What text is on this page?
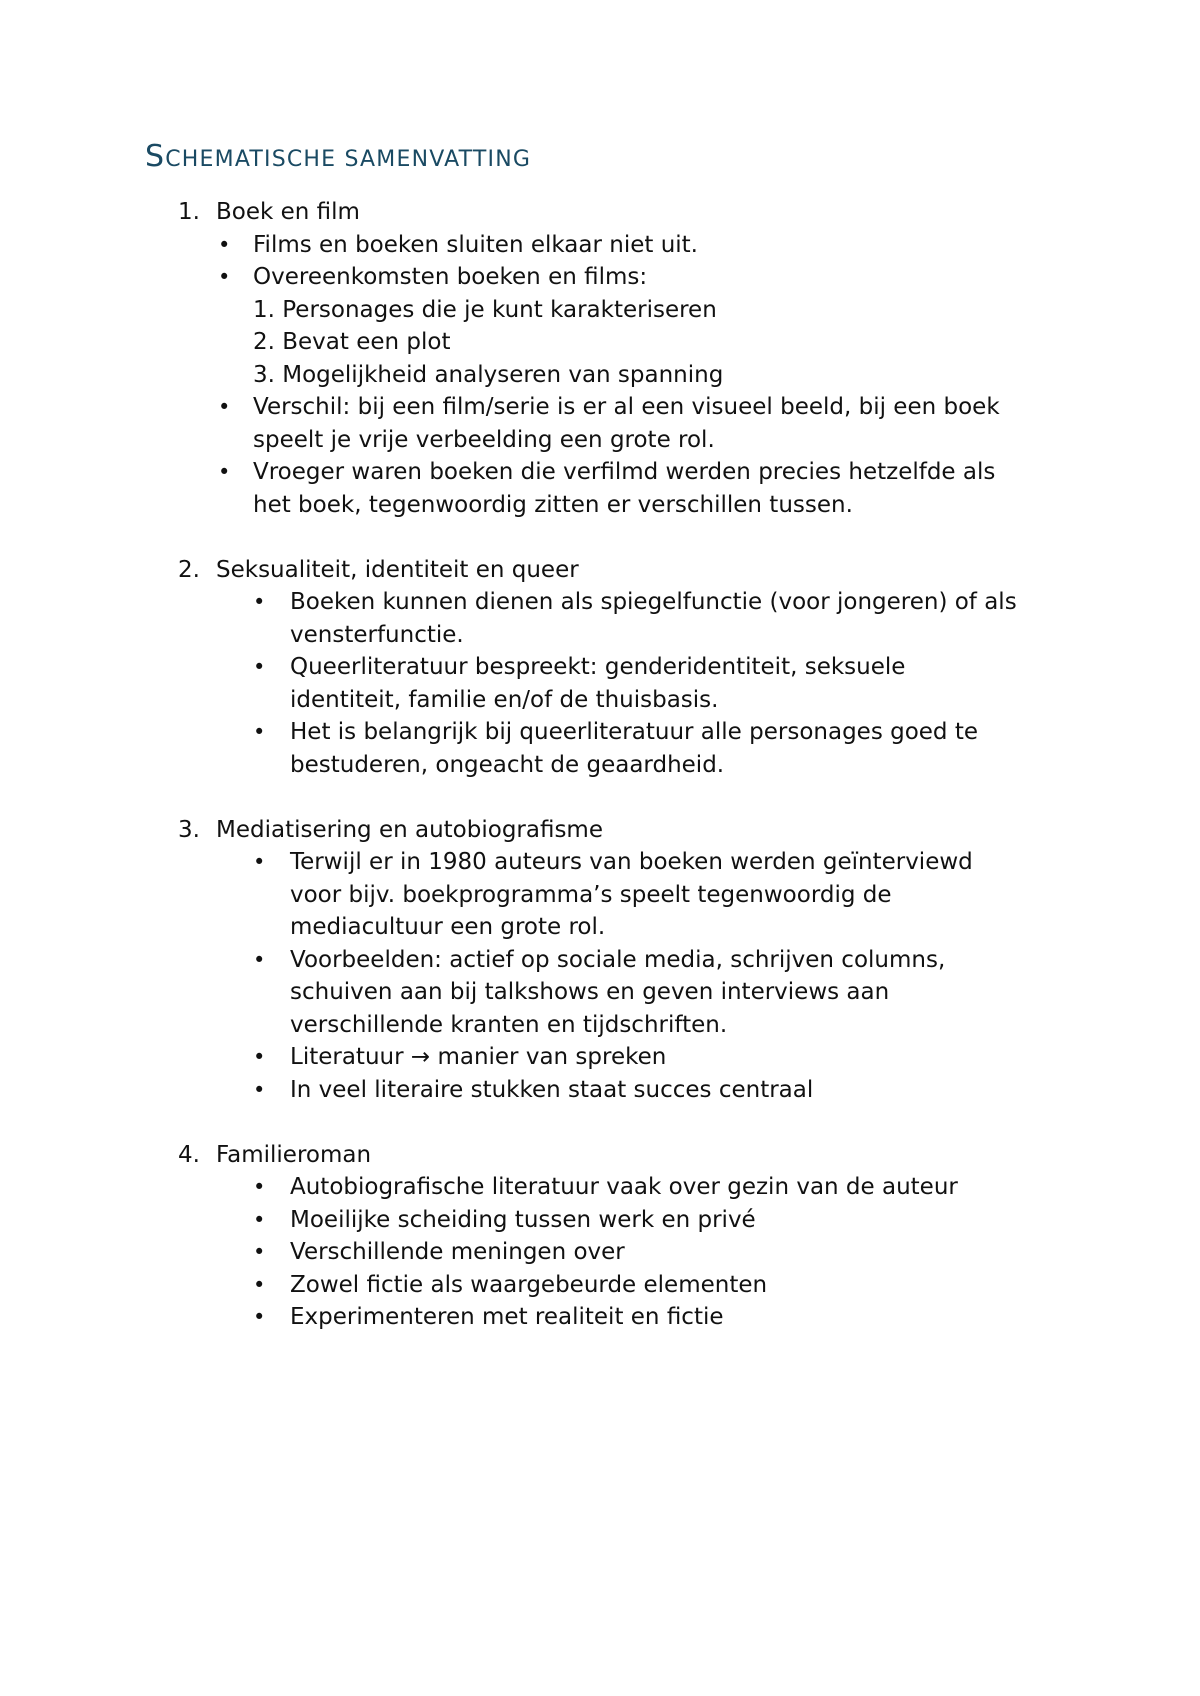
SCHEMATISCHE SAMENVATTING
1. Boek en film
• Films en boeken sluiten elkaar niet uit.
• Overeenkomsten boeken en films:
1. Personages die je kunt karakteriseren
2. Bevat een plot
3. Mogelijkheid analyseren van spanning
• Verschil: bij een film/serie is er al een visueel beeld, bij een boek
speelt je vrije verbeelding een grote rol.
• Vroeger waren boeken die verfilmd werden precies hetzelfde als
het boek, tegenwoordig zitten er verschillen tussen.
2. Seksualiteit, identiteit en queer
• Boeken kunnen dienen als spiegelfunctie (voor jongeren) of als
vensterfunctie.
• Queerliteratuur bespreekt: genderidentiteit, seksuele
identiteit, familie en/of de thuisbasis.
• Het is belangrijk bij queerliteratuur alle personages goed te
bestuderen, ongeacht de geaardheid.
3. Mediatisering en autobiografisme
• Terwijl er in 1980 auteurs van boeken werden geïnterviewd
voor bijv. boekprogramma’s speelt tegenwoordig de
mediacultuur een grote rol.
• Voorbeelden: actief op sociale media, schrijven columns,
schuiven aan bij talkshows en geven interviews aan
verschillende kranten en tijdschriften.
• Literatuur → manier van spreken
• In veel literaire stukken staat succes centraal
4. Familieroman
• Autobiografische literatuur vaak over gezin van de auteur
• Moeilijke scheiding tussen werk en privé
• Verschillende meningen over
• Zowel fictie als waargebeurde elementen
• Experimenteren met realiteit en fictie
